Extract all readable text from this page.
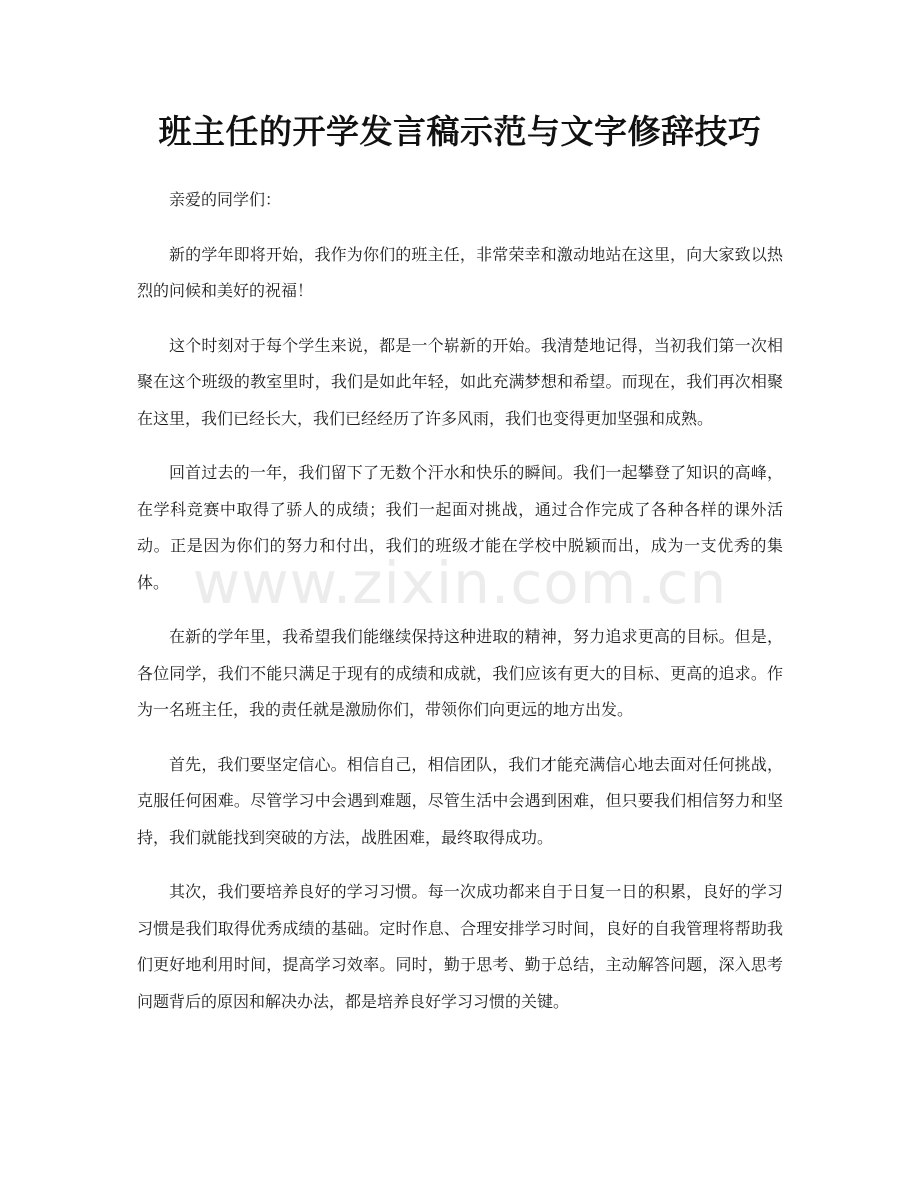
班主任的开学发言稿示范与文字修辞技巧

亲爱的同学们：

新的学年即将开始，我作为你们的班主任，非常荣幸和激动地站在这里，向大家致以热烈的问候和美好的祝福！

这个时刻对于每个学生来说，都是一个崭新的开始。我清楚地记得，当初我们第一次相聚在这个班级的教室里时，我们是如此年轻，如此充满梦想和希望。而现在，我们再次相聚在这里，我们已经长大，我们已经经历了许多风雨，我们也变得更加坚强和成熟。

回首过去的一年，我们留下了无数个汗水和快乐的瞬间。我们一起攀登了知识的高峰，在学科竞赛中取得了骄人的成绩；我们一起面对挑战，通过合作完成了各种各样的课外活动。正是因为你们的努力和付出，我们的班级才能在学校中脱颖而出，成为一支优秀的集体。

在新的学年里，我希望我们能继续保持这种进取的精神，努力追求更高的目标。但是，各位同学，我们不能只满足于现有的成绩和成就，我们应该有更大的目标、更高的追求。作为一名班主任，我的责任就是激励你们，带领你们向更远的地方出发。

首先，我们要坚定信心。相信自己，相信团队，我们才能充满信心地去面对任何挑战，克服任何困难。尽管学习中会遇到难题，尽管生活中会遇到困难，但只要我们相信努力和坚持，我们就能找到突破的方法，战胜困难，最终取得成功。

其次，我们要培养良好的学习习惯。每一次成功都来自于日复一日的积累，良好的学习习惯是我们取得优秀成绩的基础。定时作息、合理安排学习时间，良好的自我管理将帮助我们更好地利用时间，提高学习效率。同时，勤于思考、勤于总结，主动解答问题，深入思考问题背后的原因和解决办法，都是培养良好学习习惯的关键。

www.zixin.com.cn
